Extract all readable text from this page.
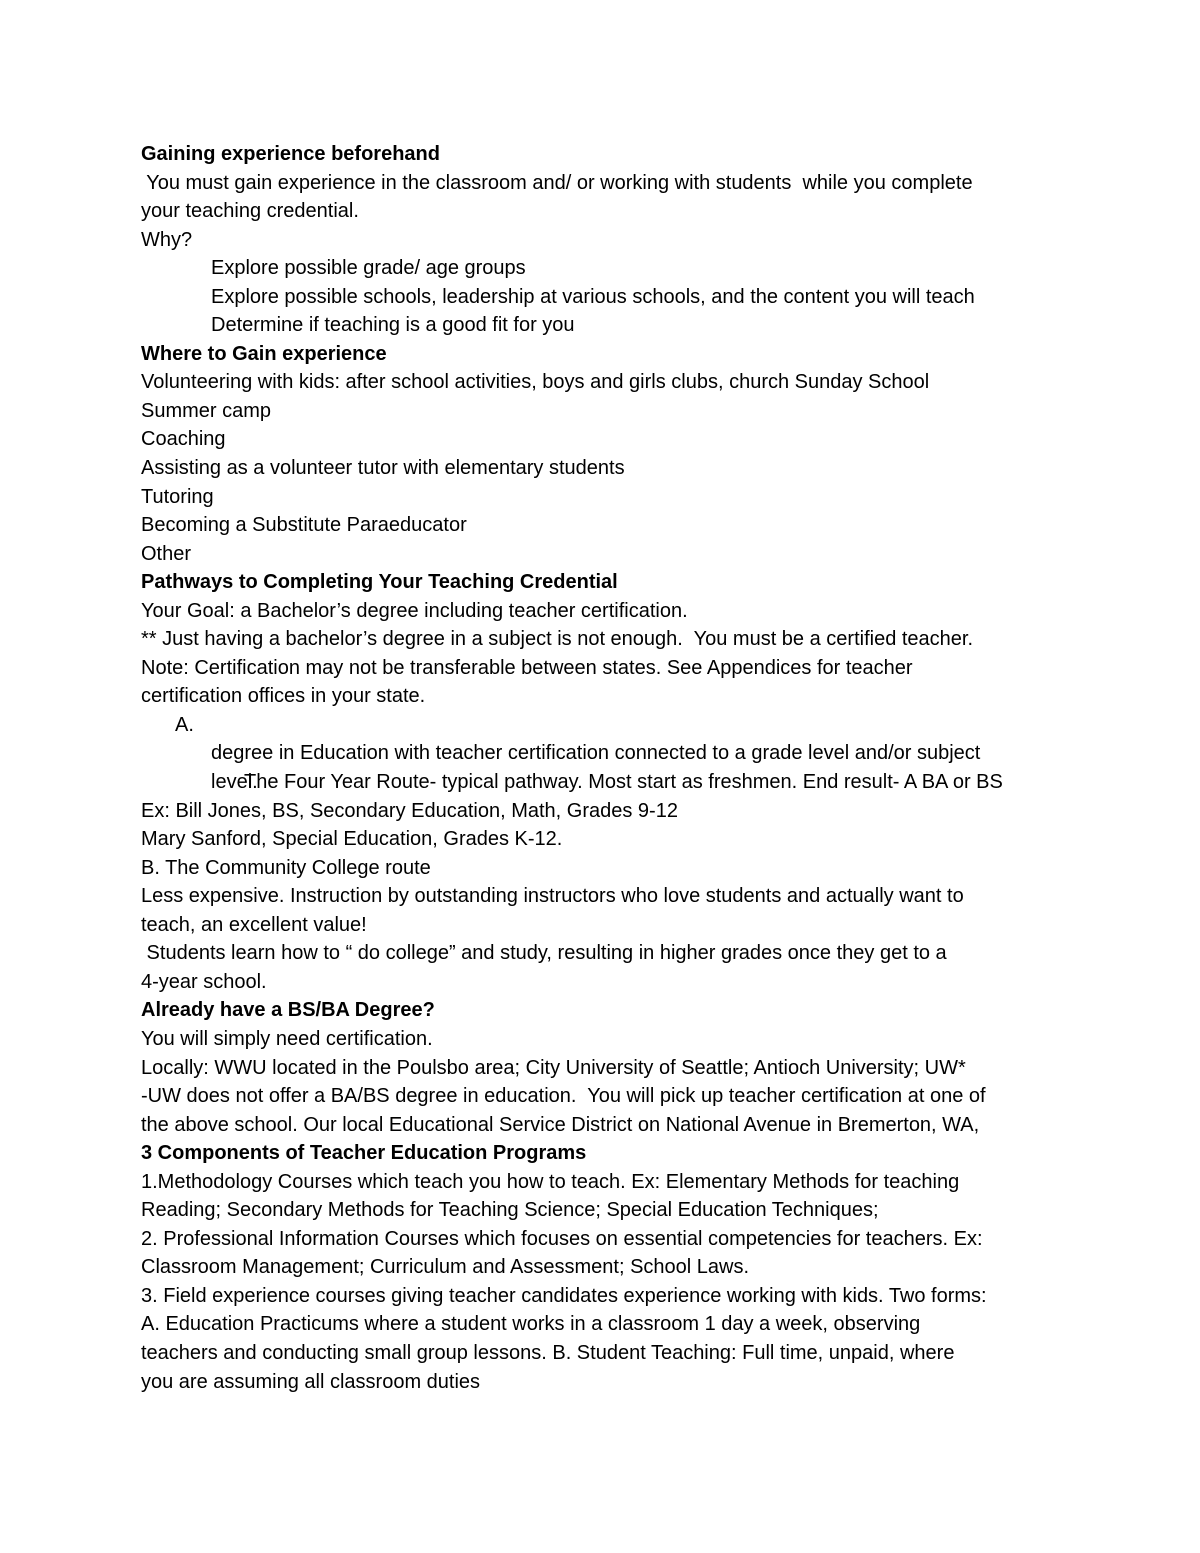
Gaining experience beforehand
You must gain experience in the classroom and/ or working with students  while you complete
your teaching credential.
Why?
Explore possible grade/ age groups
Explore possible schools, leadership at various schools, and the content you will teach
Determine if teaching is a good fit for you
Where to Gain experience
Volunteering with kids: after school activities, boys and girls clubs, church Sunday School
Summer camp
Coaching
Assisting as a volunteer tutor with elementary students
Tutoring
Becoming a Substitute Paraeducator
Other
Pathways to Completing Your Teaching Credential
Your Goal: a Bachelor’s degree including teacher certification.
** Just having a bachelor’s degree in a subject is not enough.  You must be a certified teacher.
Note: Certification may not be transferable between states. See Appendices for teacher
certification offices in your state.

A.

The Four Year Route- typical pathway. Most start as freshmen. End result- A BA or BS

degree in Education with teacher certification connected to a grade level and/or subject
level.
Ex: Bill Jones, BS, Secondary Education, Math, Grades 9-12
Mary Sanford, Special Education, Grades K-12.
B. The Community College route
Less expensive. Instruction by outstanding instructors who love students and actually want to
teach, an excellent value!
Students learn how to “ do college” and study, resulting in higher grades once they get to a
4-year school.
Already have a BS/BA Degree?
You will simply need certification.
Locally: WWU located in the Poulsbo area; City University of Seattle; Antioch University; UW*
-UW does not offer a BA/BS degree in education.  You will pick up teacher certification at one of
the above school. Our local Educational Service District on National Avenue in Bremerton, WA,
3 Components of Teacher Education Programs
1.Methodology Courses which teach you how to teach. Ex: Elementary Methods for teaching
Reading; Secondary Methods for Teaching Science; Special Education Techniques;
2. Professional Information Courses which focuses on essential competencies for teachers. Ex:
Classroom Management; Curriculum and Assessment; School Laws.
3. Field experience courses giving teacher candidates experience working with kids. Two forms:
A. Education Practicums where a student works in a classroom 1 day a week, observing
teachers and conducting small group lessons. B. Student Teaching: Full time, unpaid, where
you are assuming all classroom duties
